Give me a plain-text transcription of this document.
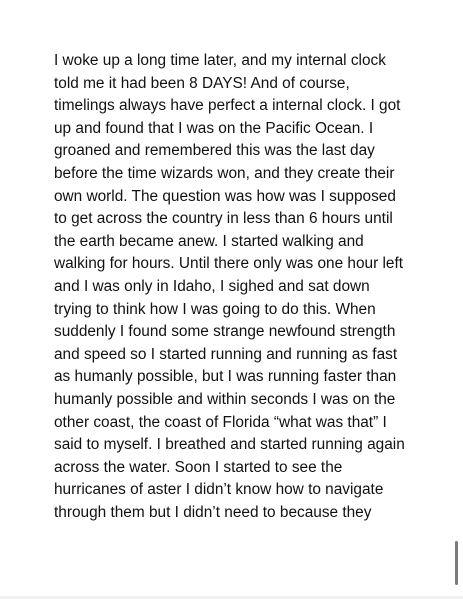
I woke up a long time later, and my internal clock
told me it had been 8 DAYS! And of course,
timelings always have perfect a internal clock. I got
up and found that I was on the Pacific Ocean. I
groaned and remembered this was the last day
before the time wizards won, and they create their
own world. The question was how was I supposed
to get across the country in less than 6 hours until
the earth became anew. I started walking and
walking for hours. Until there only was one hour left
and I was only in Idaho, I sighed and sat down
trying to think how I was going to do this. When
suddenly I found some strange newfound strength
and speed so I started running and running as fast
as humanly possible, but I was running faster than
humanly possible and within seconds I was on the
other coast, the coast of Florida “what was that” I
said to myself. I breathed and started running again
across the water. Soon I started to see the
hurricanes of aster I didn’t know how to navigate
through them but I didn’t need to because they
